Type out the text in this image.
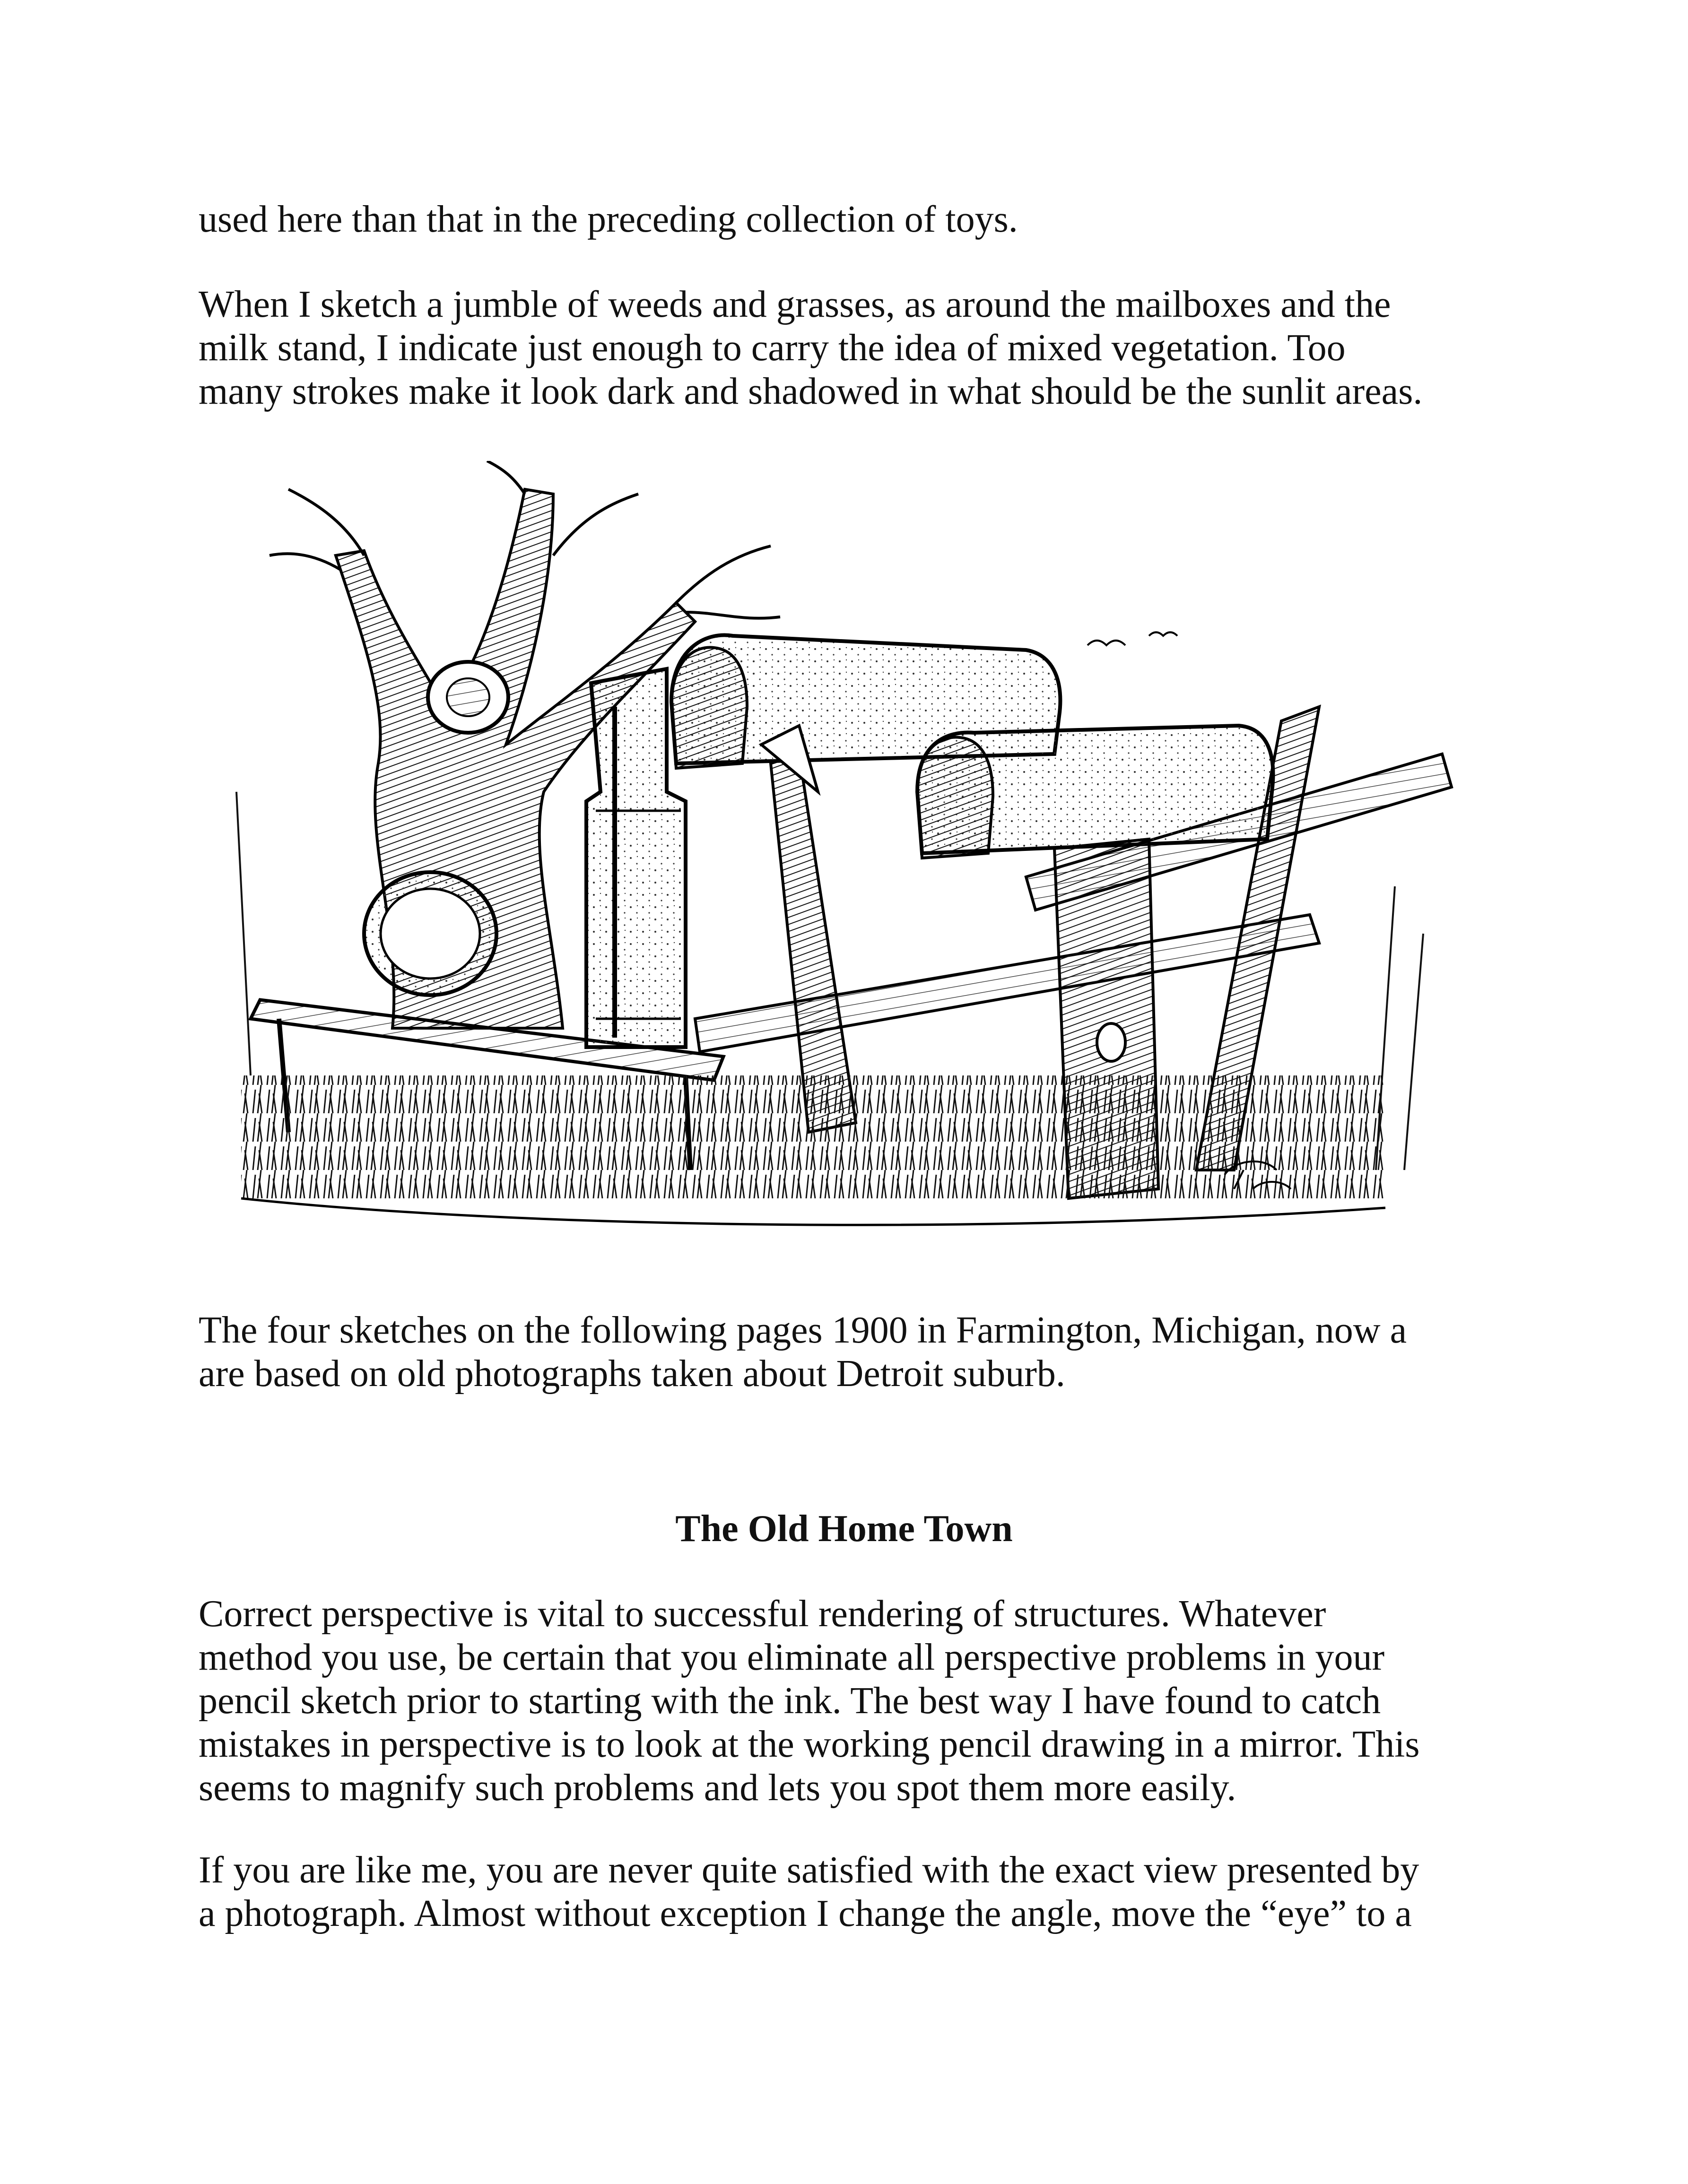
used here than that in the preceding collection of toys.

When I sketch a jumble of weeds and grasses, as around the mailboxes and the
milk stand, I indicate just enough to carry the idea of mixed vegetation. Too
many strokes make it look dark and shadowed in what should be the sunlit areas.

The four sketches on the following pages 1900 in Farmington, Michigan, now a
are based on old photographs taken about Detroit suburb.

The Old Home Town

Correct perspective is vital to successful rendering of structures. Whatever
method you use, be certain that you eliminate all perspective problems in your
pencil sketch prior to starting with the ink. The best way I have found to catch
mistakes in perspective is to look at the working pencil drawing in a mirror. This
seems to magnify such problems and lets you spot them more easily.

If you are like me, you are never quite satisfied with the exact view presented by
a photograph. Almost without exception I change the angle, move the “eye” to a
